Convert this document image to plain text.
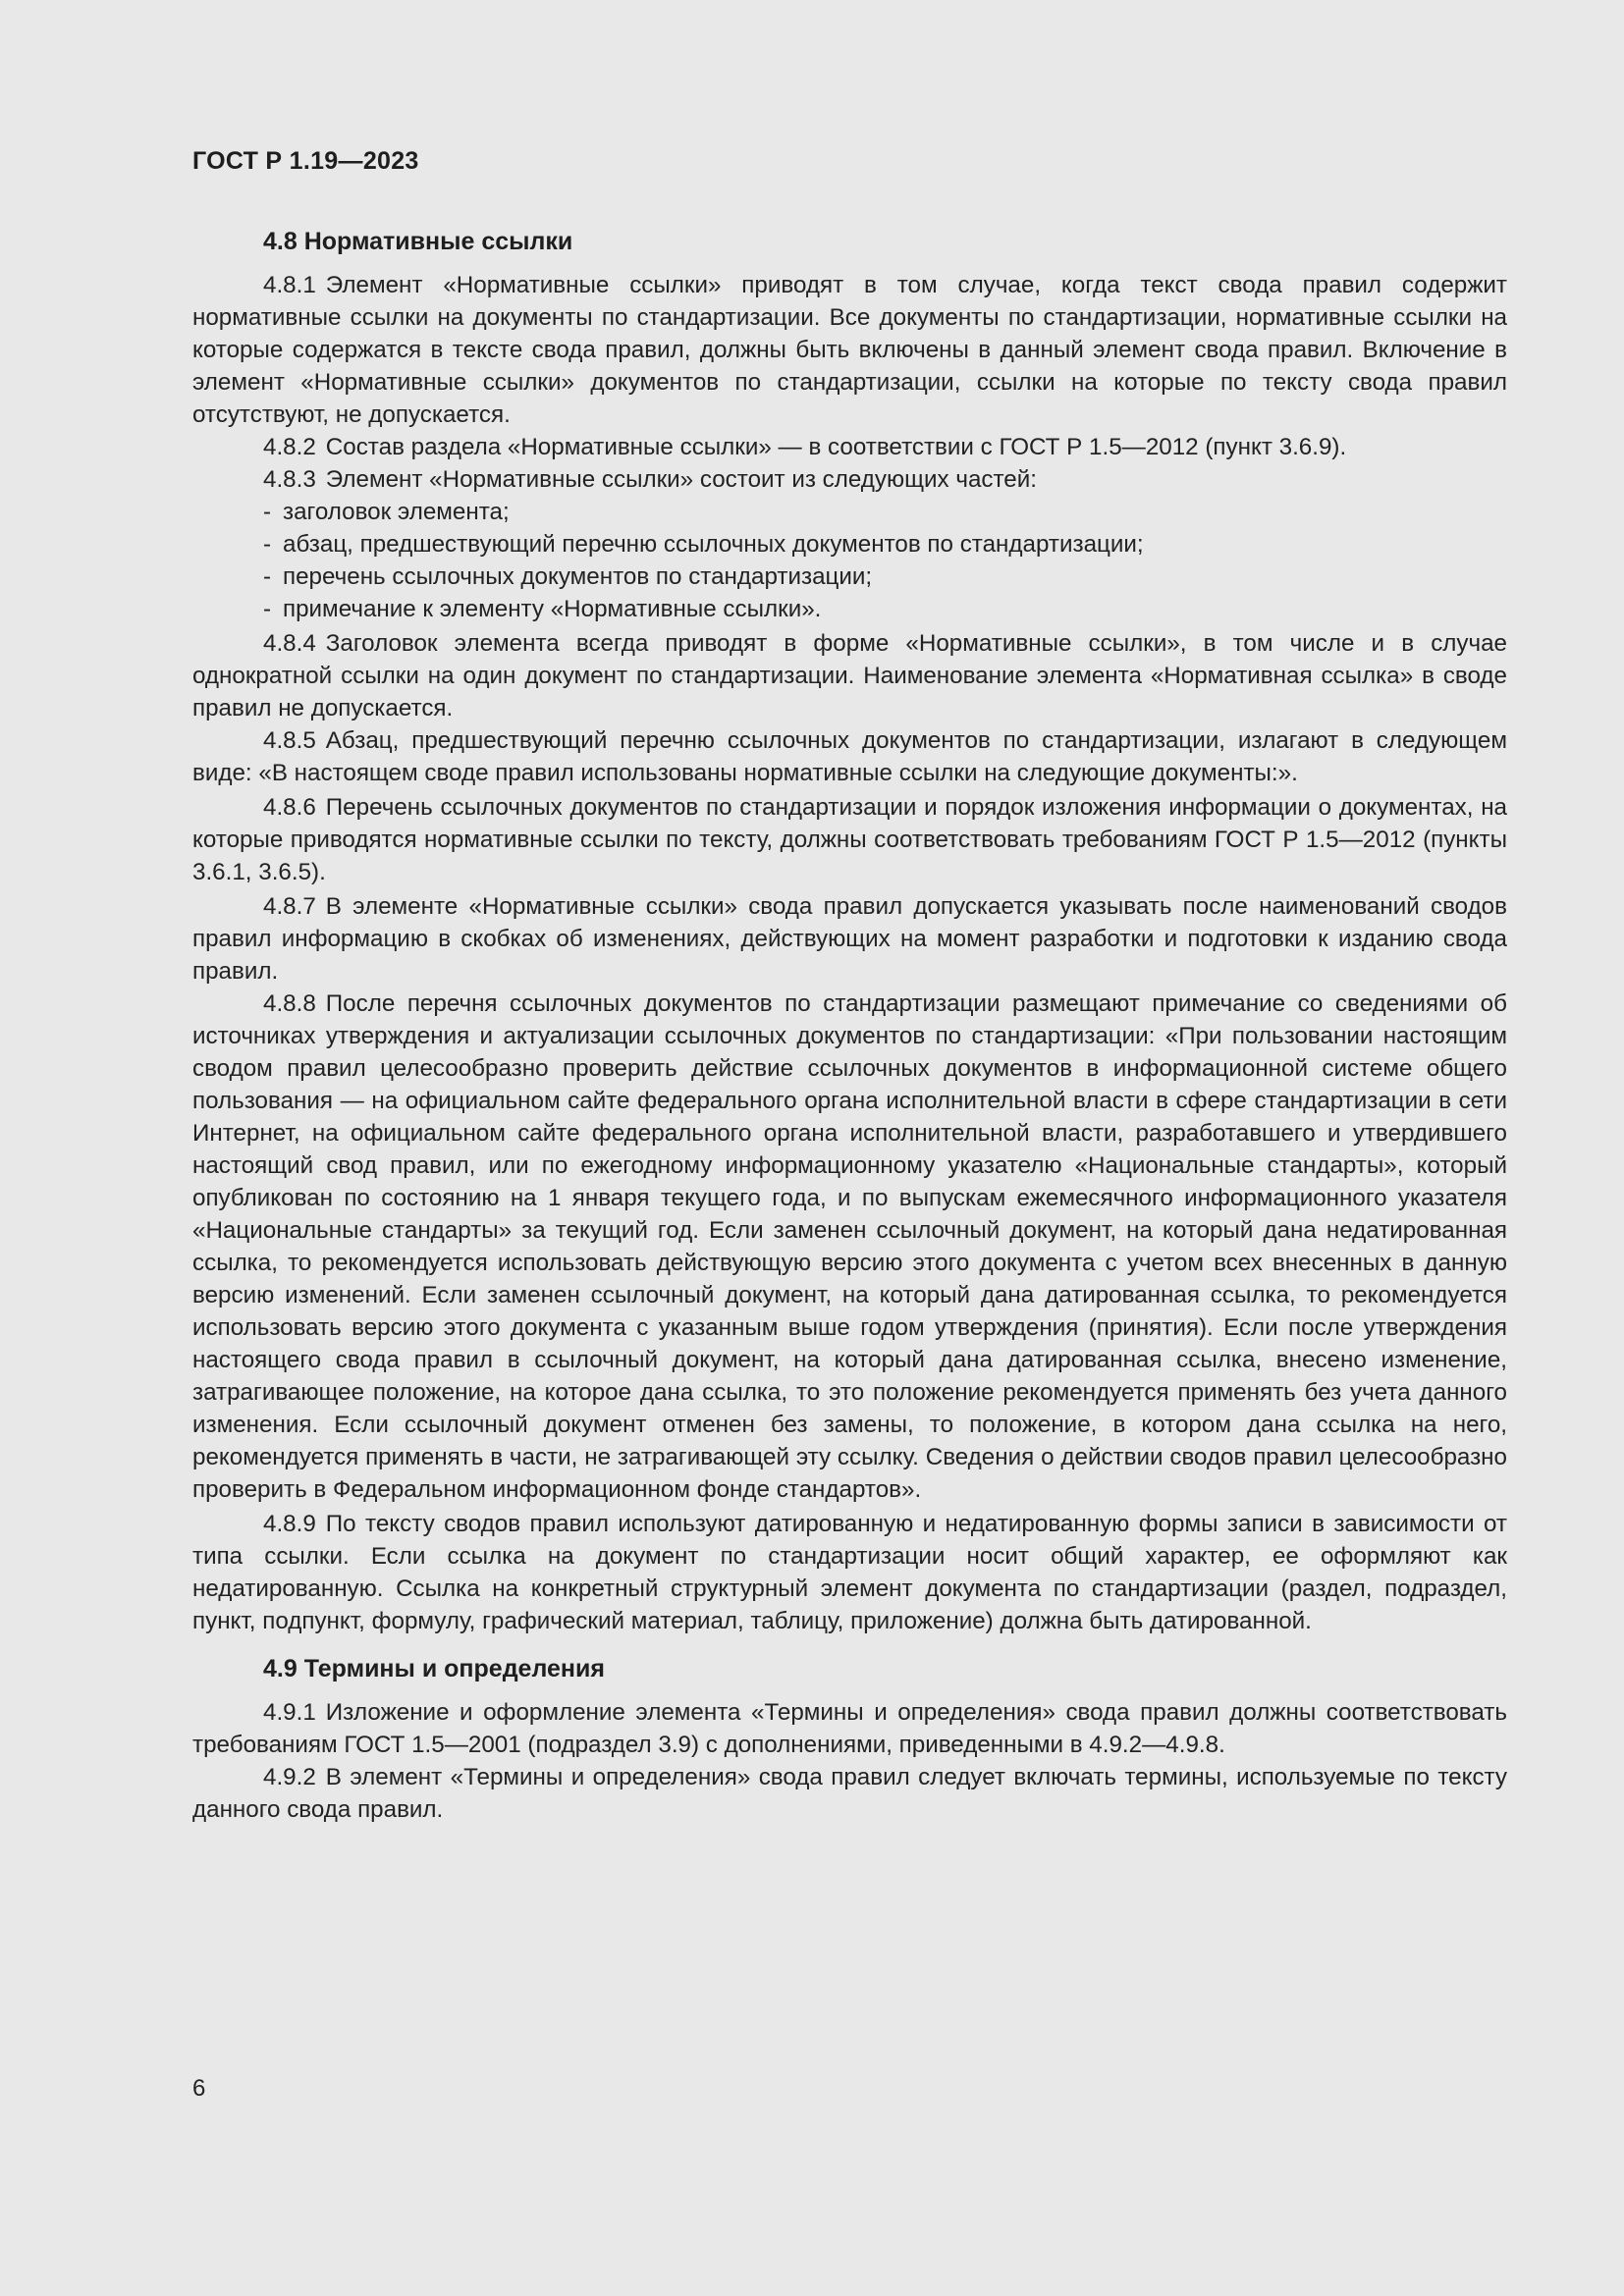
ГОСТ Р 1.19—2023
4.8 Нормативные ссылки

4.8.1 Элемент «Нормативные ссылки» приводят в том случае, когда текст свода правил содержит нормативные ссылки на документы по стандартизации. Все документы по стандартизации, нормативные ссылки на которые содержатся в тексте свода правил, должны быть включены в данный элемент свода правил. Включение в элемент «Нормативные ссылки» документов по стандартизации, ссылки на которые по тексту свода правил отсутствуют, не допускается.

4.8.2 Состав раздела «Нормативные ссылки» — в соответствии с ГОСТ Р 1.5—2012 (пункт 3.6.9).

4.8.3 Элемент «Нормативные ссылки» состоит из следующих частей:

- заголовок элемента;
- абзац, предшествующий перечню ссылочных документов по стандартизации;
- перечень ссылочных документов по стандартизации;
- примечание к элементу «Нормативные ссылки».

4.8.4 Заголовок элемента всегда приводят в форме «Нормативные ссылки», в том числе и в случае однократной ссылки на один документ по стандартизации. Наименование элемента «Нормативная ссылка» в своде правил не допускается.

4.8.5 Абзац, предшествующий перечню ссылочных документов по стандартизации, излагают в следующем виде: «В настоящем своде правил использованы нормативные ссылки на следующие документы:».

4.8.6 Перечень ссылочных документов по стандартизации и порядок изложения информации о документах, на которые приводятся нормативные ссылки по тексту, должны соответствовать требованиям ГОСТ Р 1.5—2012 (пункты 3.6.1, 3.6.5).

4.8.7 В элементе «Нормативные ссылки» свода правил допускается указывать после наименований сводов правил информацию в скобках об изменениях, действующих на момент разработки и подготовки к изданию свода правил.

4.8.8 После перечня ссылочных документов по стандартизации размещают примечание со сведениями об источниках утверждения и актуализации ссылочных документов по стандартизации: «При пользовании настоящим сводом правил целесообразно проверить действие ссылочных документов в информационной системе общего пользования — на официальном сайте федерального органа исполнительной власти в сфере стандартизации в сети Интернет, на официальном сайте федерального органа исполнительной власти, разработавшего и утвердившего настоящий свод правил, или по ежегодному информационному указателю «Национальные стандарты», который опубликован по состоянию на 1 января текущего года, и по выпускам ежемесячного информационного указателя «Национальные стандарты» за текущий год. Если заменен ссылочный документ, на который дана недатированная ссылка, то рекомендуется использовать действующую версию этого документа с учетом всех внесенных в данную версию изменений. Если заменен ссылочный документ, на который дана датированная ссылка, то рекомендуется использовать версию этого документа с указанным выше годом утверждения (принятия). Если после утверждения настоящего свода правил в ссылочный документ, на который дана датированная ссылка, внесено изменение, затрагивающее положение, на которое дана ссылка, то это положение рекомендуется применять без учета данного изменения. Если ссылочный документ отменен без замены, то положение, в котором дана ссылка на него, рекомендуется применять в части, не затрагивающей эту ссылку. Сведения о действии сводов правил целесообразно проверить в Федеральном информационном фонде стандартов».

4.8.9 По тексту сводов правил используют датированную и недатированную формы записи в зависимости от типа ссылки. Если ссылка на документ по стандартизации носит общий характер, ее оформляют как недатированную. Ссылка на конкретный структурный элемент документа по стандартизации (раздел, подраздел, пункт, подпункт, формулу, графический материал, таблицу, приложение) должна быть датированной.

4.9 Термины и определения

4.9.1 Изложение и оформление элемента «Термины и определения» свода правил должны соответствовать требованиям ГОСТ 1.5—2001 (подраздел 3.9) с дополнениями, приведенными в 4.9.2—4.9.8.

4.9.2 В элемент «Термины и определения» свода правил следует включать термины, используемые по тексту данного свода правил.

6
